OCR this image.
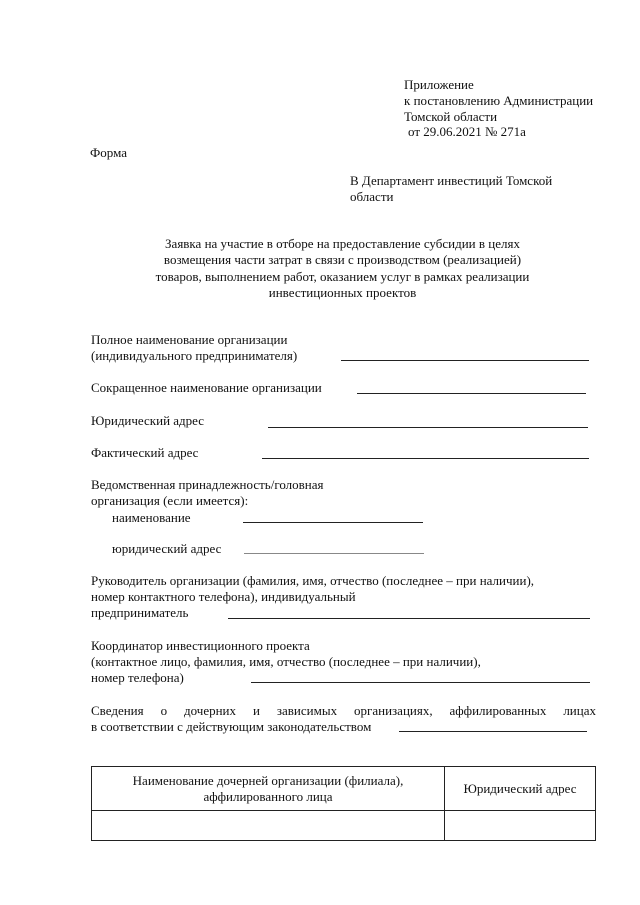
Приложение
к постановлению Администрации
Томской области
от 29.06.2021 № 271а
Форма
В Департамент инвестиций Томской
области
Заявка на участие в отборе на предоставление субсидии в целях
возмещения части затрат в связи с производством (реализацией)
товаров, выполнением работ, оказанием услуг в рамках реализации
инвестиционных проектов
Полное наименование организации
(индивидуального предпринимателя)
Сокращенное наименование организации
Юридический адрес
Фактический адрес
Ведомственная принадлежность/головная
организация (если имеется):
наименование
юридический адрес
Руководитель организации (фамилия, имя, отчество (последнее – при наличии),
номер контактного телефона), индивидуальный
предприниматель
Координатор инвестиционного проекта
(контактное лицо, фамилия, имя, отчество (последнее – при наличии),
номер телефона)
Сведения о дочерних и зависимых организациях, аффилированных лицах
в соответствии с действующим законодательством
Наименование дочерней организации (филиала),
аффилированного лица	Юридический адрес
